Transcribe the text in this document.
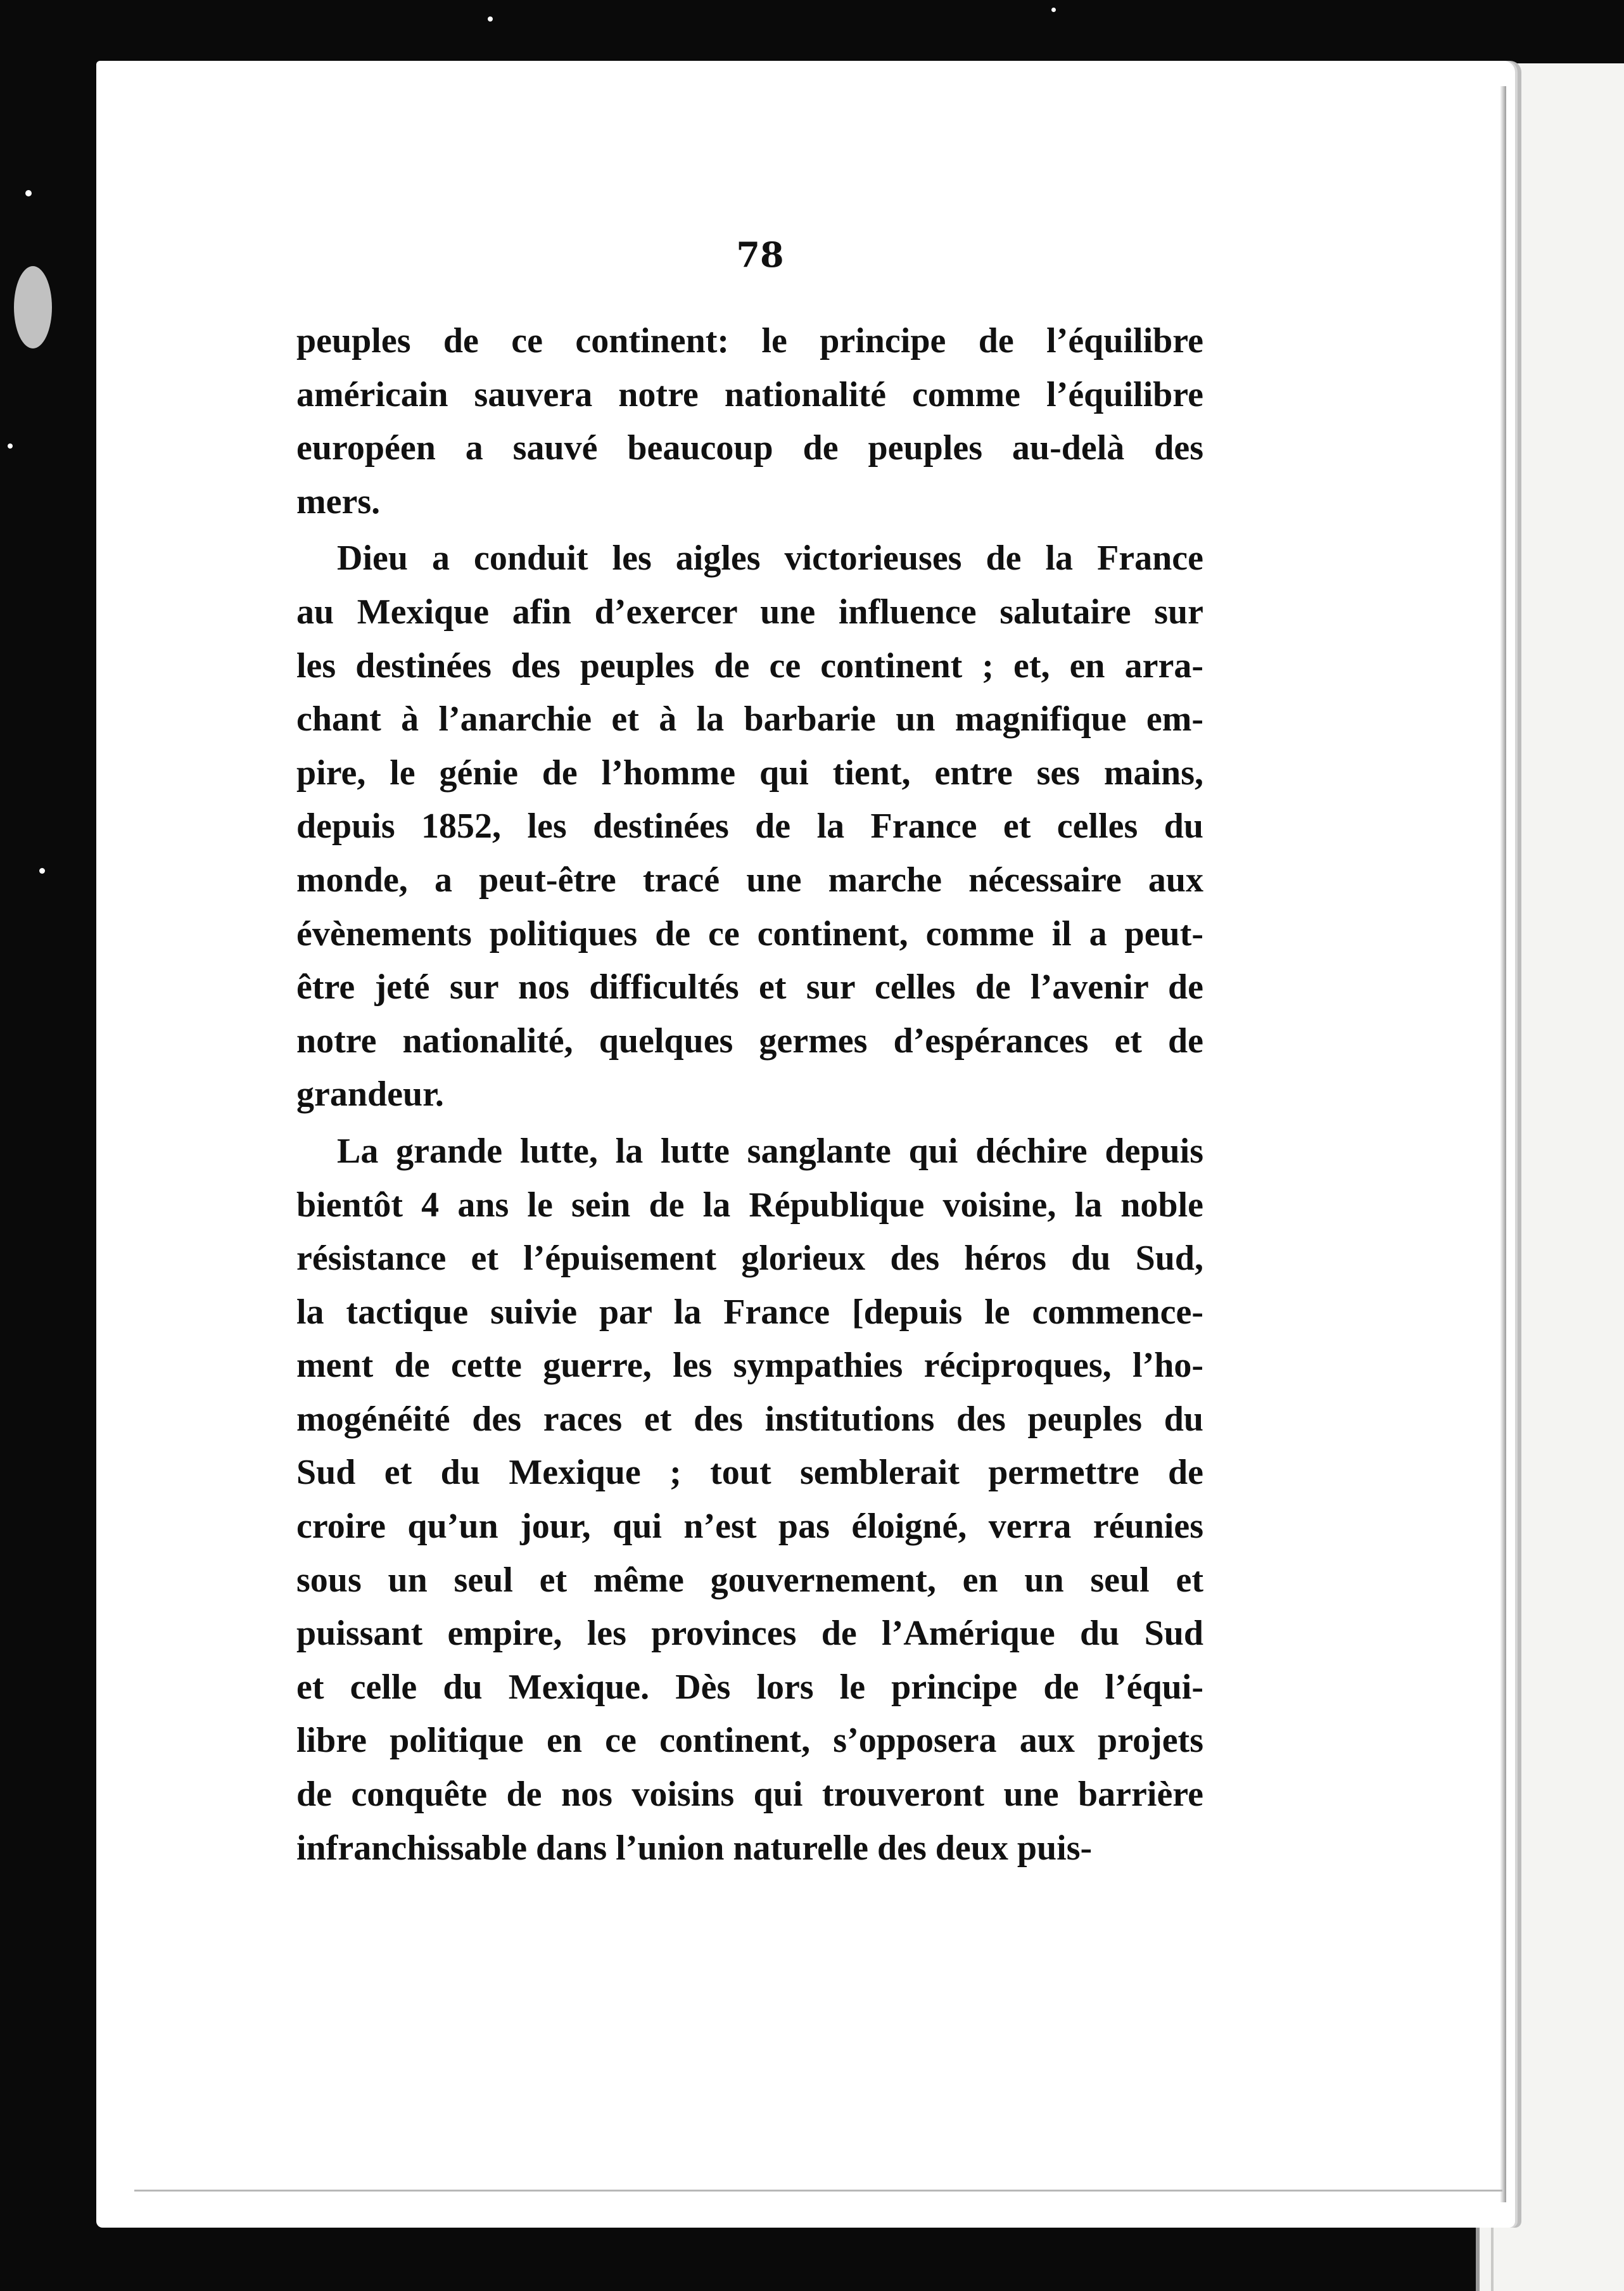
78

peuples de ce continent: le principe de l’équilibre
américain sauvera notre nationalité comme l’équilibre
européen a sauvé beaucoup de peuples au-delà des
mers.
Dieu a conduit les aigles victorieuses de la France
au Mexique afin d’exercer une influence salutaire sur
les destinées des peuples de ce continent ; et, en arra-
chant à l’anarchie et à la barbarie un magnifique em-
pire, le génie de l’homme qui tient, entre ses mains,
depuis 1852, les destinées de la France et celles du
monde, a peut-être tracé une marche nécessaire aux
évènements politiques de ce continent, comme il a peut-
être jeté sur nos difficultés et sur celles de l’avenir de
notre nationalité, quelques germes d’espérances et de
grandeur.
La grande lutte, la lutte sanglante qui déchire depuis
bientôt 4 ans le sein de la République voisine, la noble
résistance et l’épuisement glorieux des héros du Sud,
la tactique suivie par la France [depuis le commence-
ment de cette guerre, les sympathies réciproques, l’ho-
mogénéité des races et des institutions des peuples du
Sud et du Mexique ; tout semblerait permettre de
croire qu’un jour, qui n’est pas éloigné, verra réunies
sous un seul et même gouvernement, en un seul et
puissant empire, les provinces de l’Amérique du Sud
et celle du Mexique. Dès lors le principe de l’équi-
libre politique en ce continent, s’opposera aux projets
de conquête de nos voisins qui trouveront une barrière
infranchissable dans l’union naturelle des deux puis-
